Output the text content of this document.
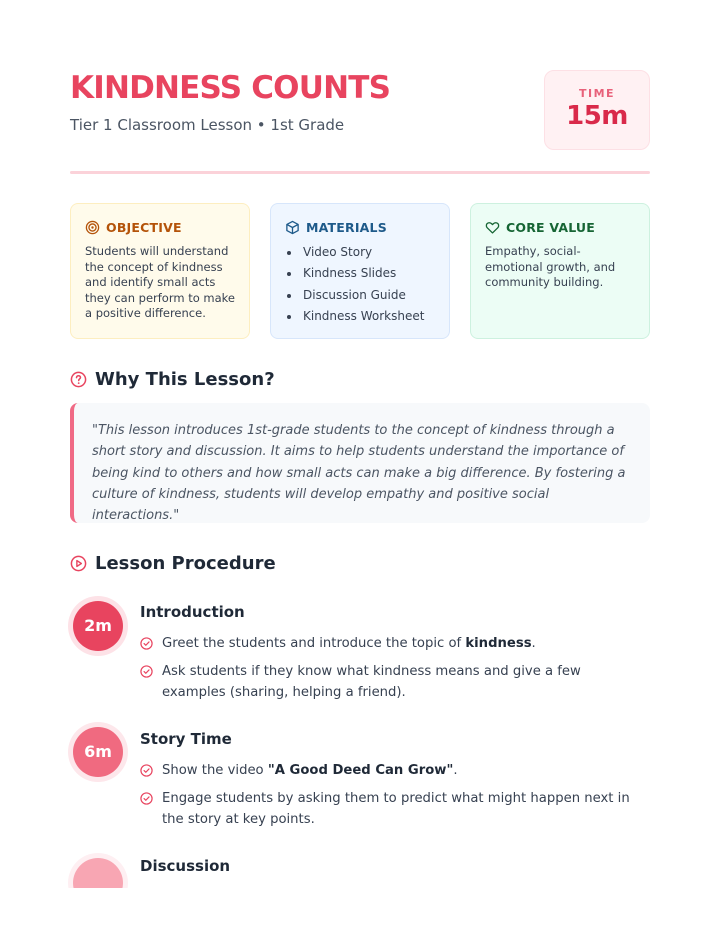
KINDNESS COUNTS
Tier 1 Classroom Lesson • 1st Grade
TIME
15m
OBJECTIVE
Students will understand the concept of kindness and identify small acts they can perform to make a positive difference.
MATERIALS
Video Story
Kindness Slides
Discussion Guide
Kindness Worksheet
CORE VALUE
Empathy, social-emotional growth, and community building.
Why This Lesson?

"This lesson introduces 1st-grade students to the concept of kindness through a short story and discussion. It aims to help students understand the importance of being kind to others and how small acts can make a big difference. By fostering a culture of kindness, students will develop empathy and positive social interactions."

Lesson Procedure
2m
Introduction
Greet the students and introduce the topic of kindness.
Ask students if they know what kindness means and give a few examples (sharing, helping a friend).
6m
Story Time
Show the video "A Good Deed Can Grow".
Engage students by asking them to predict what might happen next in the story at key points.
Discussion
